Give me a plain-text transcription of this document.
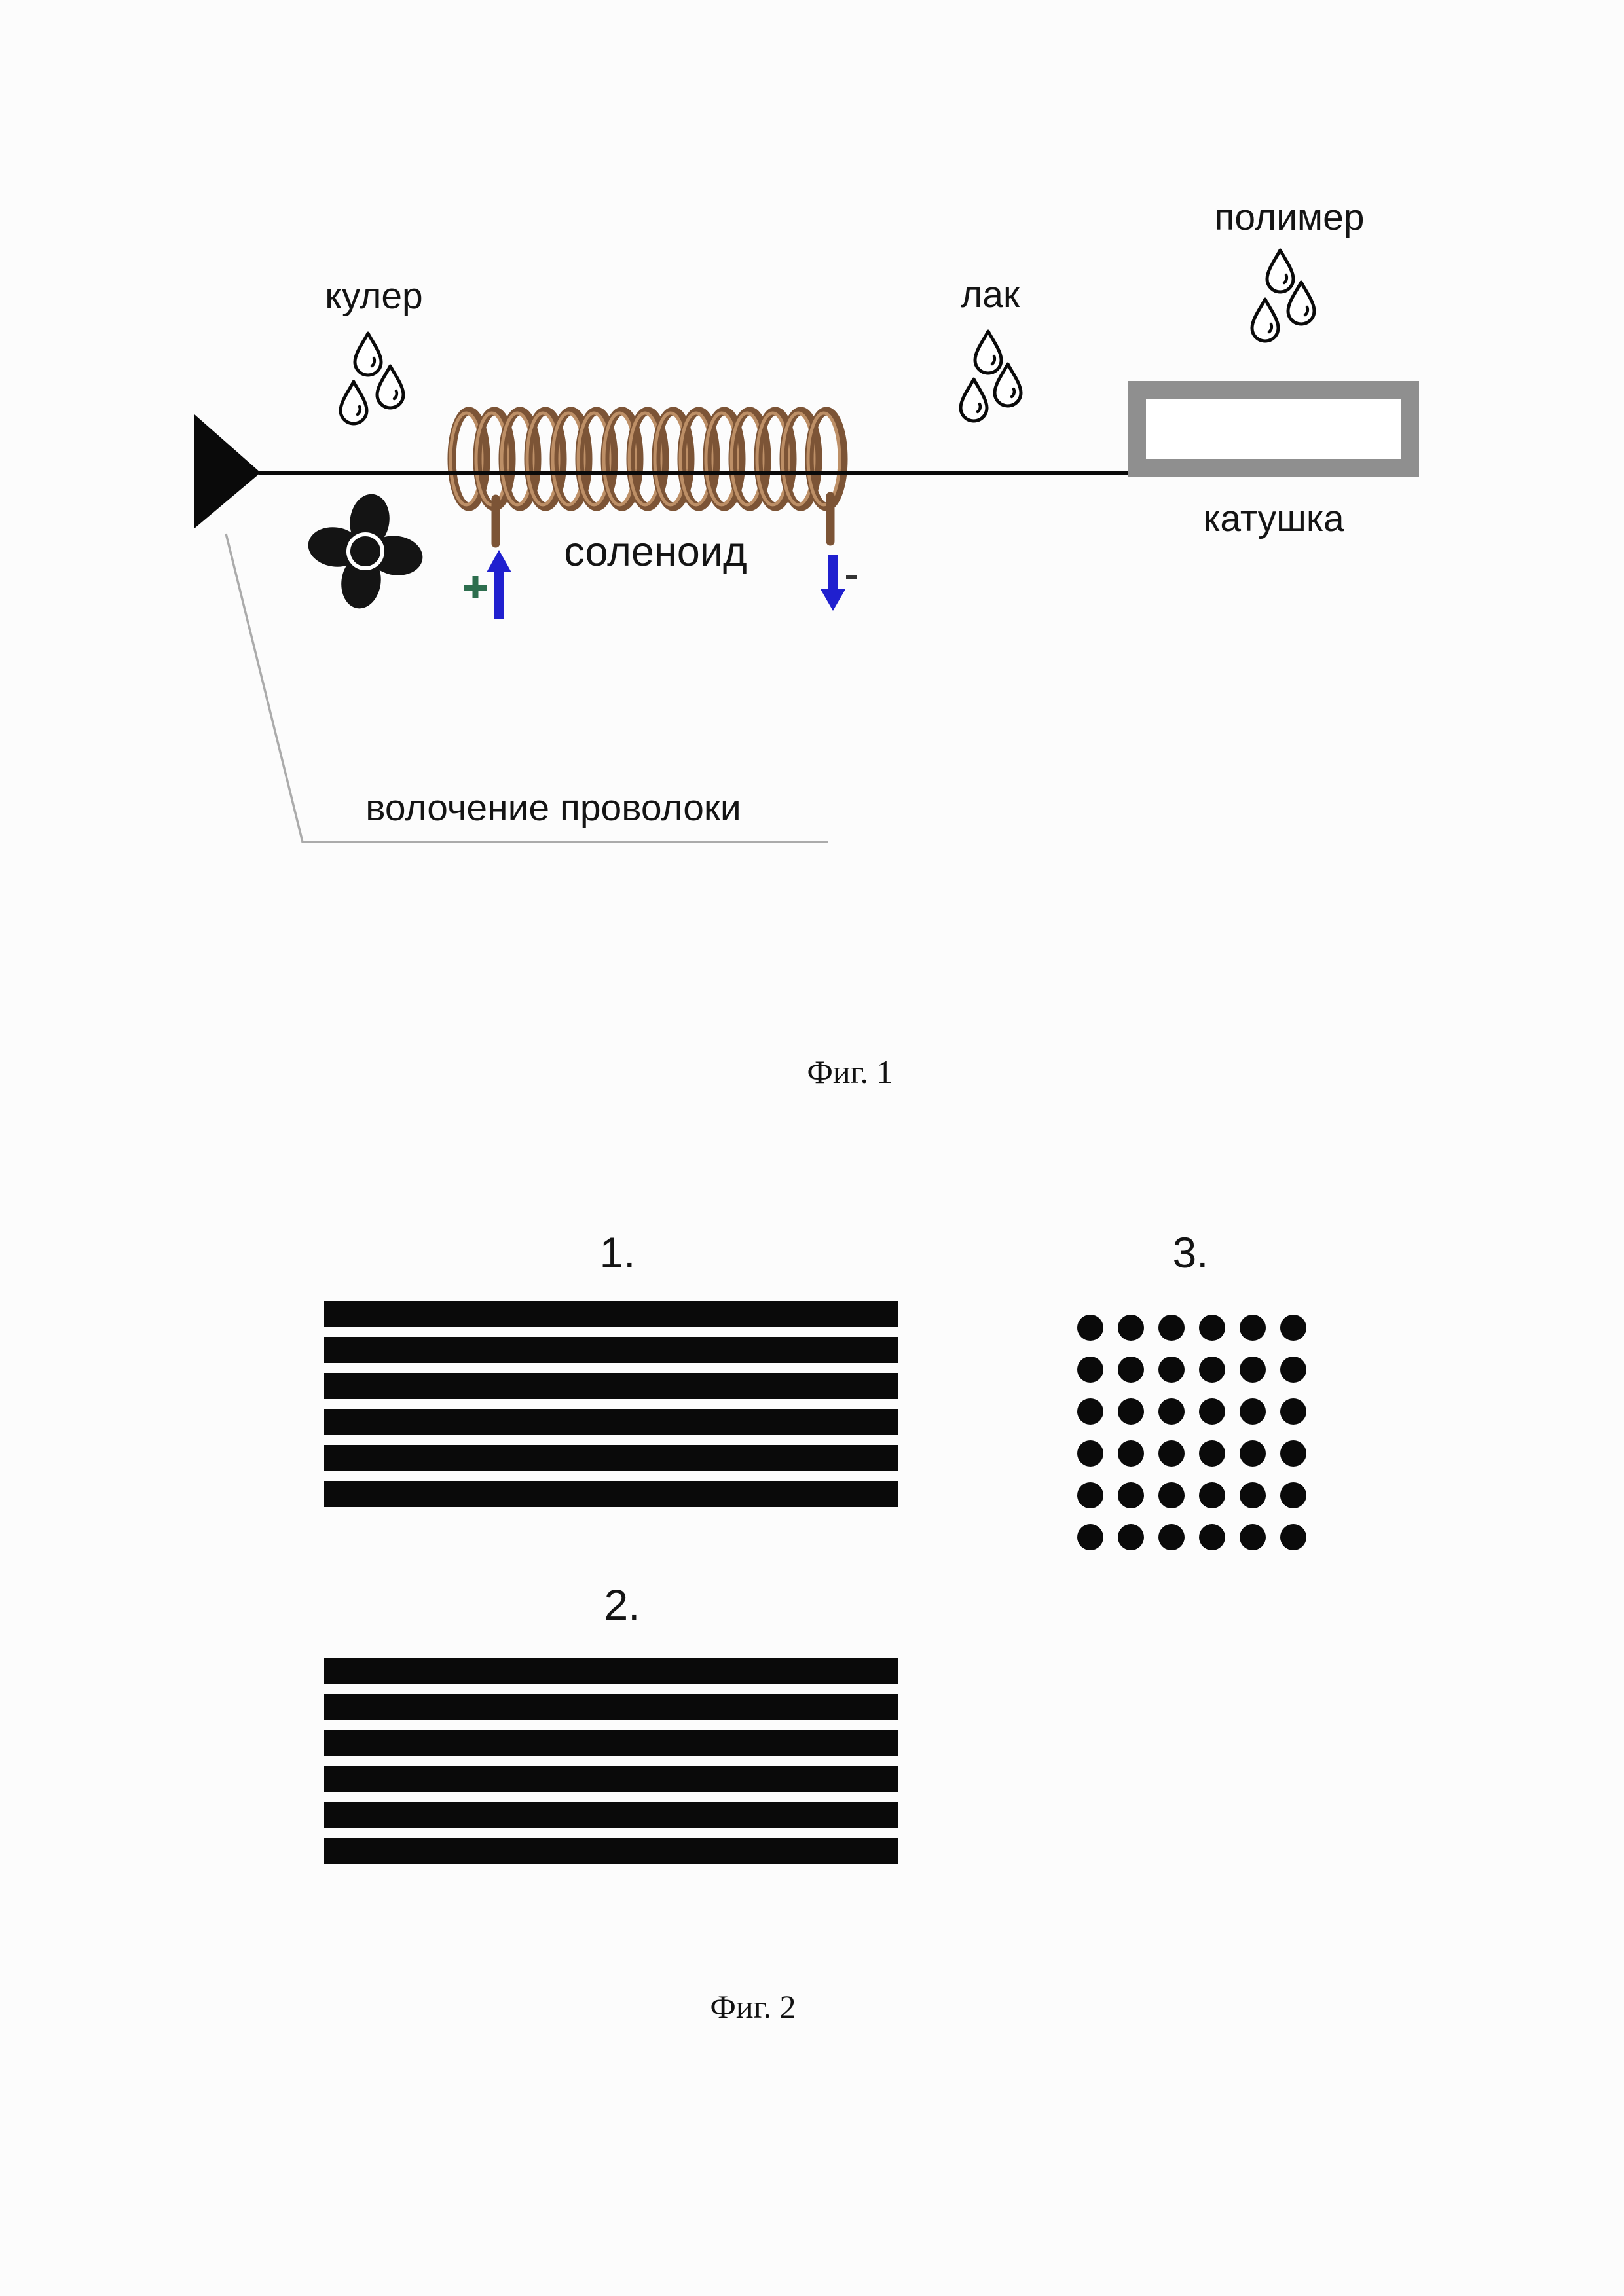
кулер
соленоид
лак
полимер
катушка
волочение проволоки
Фиг. 1
1.	3.
2.
Фиг. 2
